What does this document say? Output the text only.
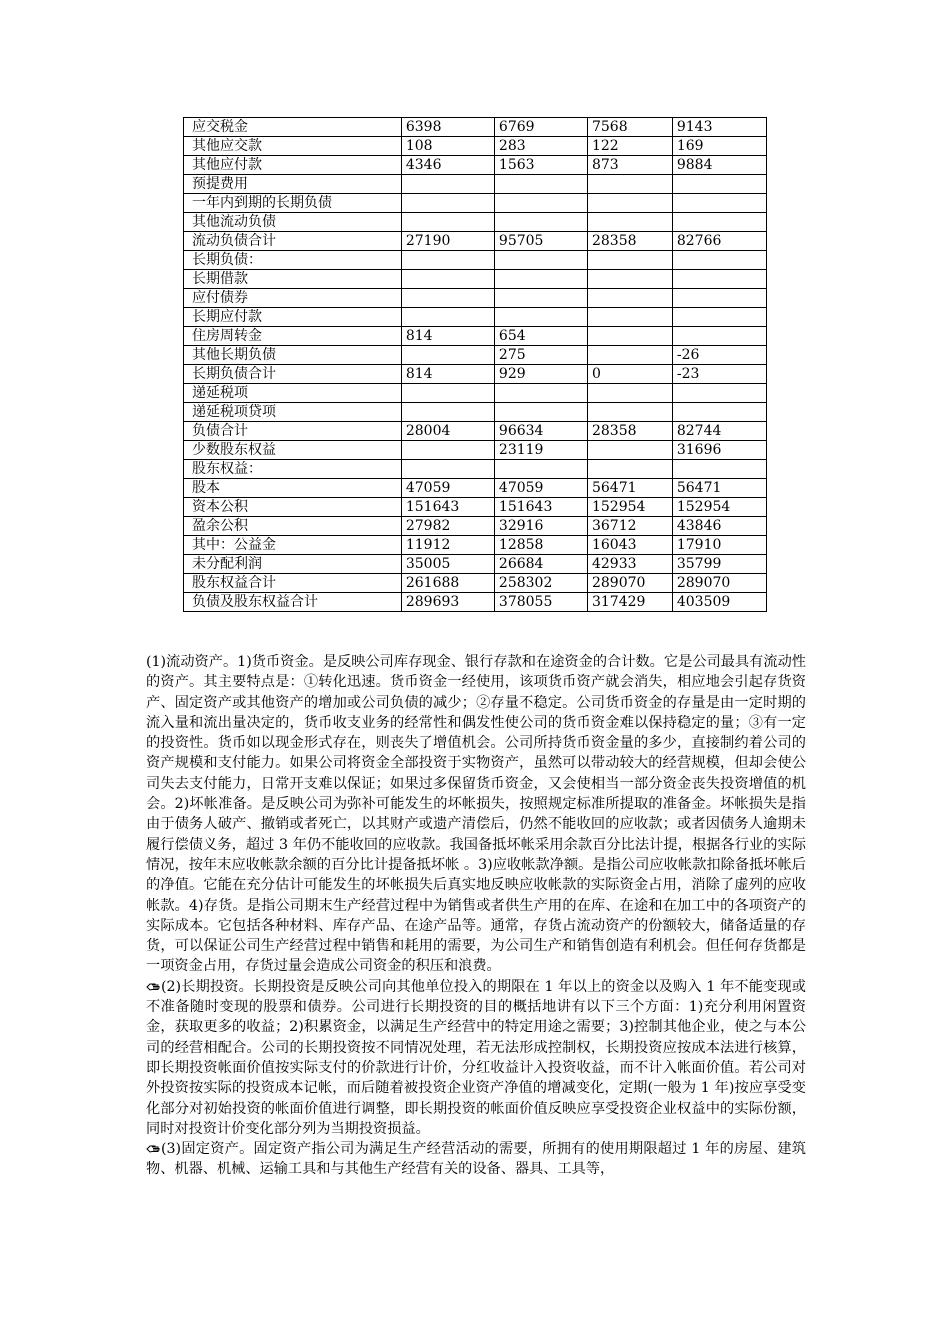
应交税金	6398	6769	7568	9143
其他应交款	108	283	122	169
其他应付款	4346	1563	873	9884
预提费用				
一年内到期的长期负债				
其他流动负债				
流动负债合计	27190	95705	28358	82766
长期负债：				
长期借款				
应付债券				
长期应付款				
住房周转金	814	654		
其他长期负债		275		-26
长期负债合计	814	929	0	-23
递延税项				
递延税项贷项				
负债合计	28004	96634	28358	82744
少数股东权益		23119		31696
股东权益：				
股本	47059	47059	56471	56471
资本公积	151643	151643	152954	152954
盈余公积	27982	32916	36712	43846
其中：公益金	11912	12858	16043	17910
未分配利润	35005	26684	42933	35799
股东权益合计	261688	258302	289070	289070
负债及股东权益合计	289693	378055	317429	403509

(1)流动资产。1)货币资金。是反映公司库存现金、银行存款和在途资金的合计数。它是公司最具有流动性的资产。其主要特点是：①转化迅速。货币资金一经使用，该项货币资产就会消失，相应地会引起存货资产、固定资产或其他资产的增加或公司负债的减少；②存量不稳定。公司货币资金的存量是由一定时期的流入量和流出量决定的，货币收支业务的经常性和偶发性使公司的货币资金难以保持稳定的量；③有一定的投资性。货币如以现金形式存在，则丧失了增值机会。公司所持货币资金量的多少，直接制约着公司的资产规模和支付能力。如果公司将资金全部投资于实物资产，虽然可以带动较大的经营规模，但却会使公司失去支付能力，日常开支难以保证；如果过多保留货币资金，又会使相当一部分资金丧失投资增值的机会。2)坏帐准备。是反映公司为弥补可能发生的坏帐损失，按照规定标准所提取的准备金。坏帐损失是指由于债务人破产、撤销或者死亡，以其财产或遗产清偿后，仍然不能收回的应收款；或者因债务人逾期未履行偿债义务，超过 3 年仍不能收回的应收款。我国备抵坏帐采用余款百分比法计提，根据各行业的实际情况，按年末应收帐款余额的百分比计提备抵坏帐 。3)应收帐款净额。是指公司应收帐款扣除备抵坏帐后的净值。它能在充分估计可能发生的坏帐损失后真实地反映应收帐款的实际资金占用，消除了虚列的应收帐款。4)存货。是指公司期末生产经营过程中为销售或者供生产用的在库、在途和在加工中的各项资产的实际成本。它包括各种材料、库存产品、在途产品等。通常，存货占流动资产的份额较大，储备适量的存货，可以保证公司生产经营过程中销售和耗用的需要，为公司生产和销售创造有利机会。但任何存货都是一项资金占用，存货过量会造成公司资金的积压和浪费。

(2)长期投资。长期投资是反映公司向其他单位投入的期限在 1 年以上的资金以及购入 1 年不能变现或不准备随时变现的股票和债券。公司进行长期投资的目的概括地讲有以下三个方面：1)充分利用闲置资金，获取更多的收益；2)积累资金，以满足生产经营中的特定用途之需要；3)控制其他企业，使之与本公司的经营相配合。公司的长期投资按不同情况处理，若无法形成控制权，长期投资应按成本法进行核算，即长期投资帐面价值按实际支付的价款进行计价，分红收益计入投资收益，而不计入帐面价值。若公司对外投资按实际的投资成本记帐，而后随着被投资企业资产净值的增减变化，定期(一般为 1 年)按应享受变化部分对初始投资的帐面价值进行调整，即长期投资的帐面价值反映应享受投资企业权益中的实际份额，同时对投资计价变化部分列为当期投资损益。

(3)固定资产。固定资产指公司为满足生产经营活动的需要，所拥有的使用期限超过 1 年的房屋、建筑物、机器、机械、运输工具和与其他生产经营有关的设备、器具、工具等，
